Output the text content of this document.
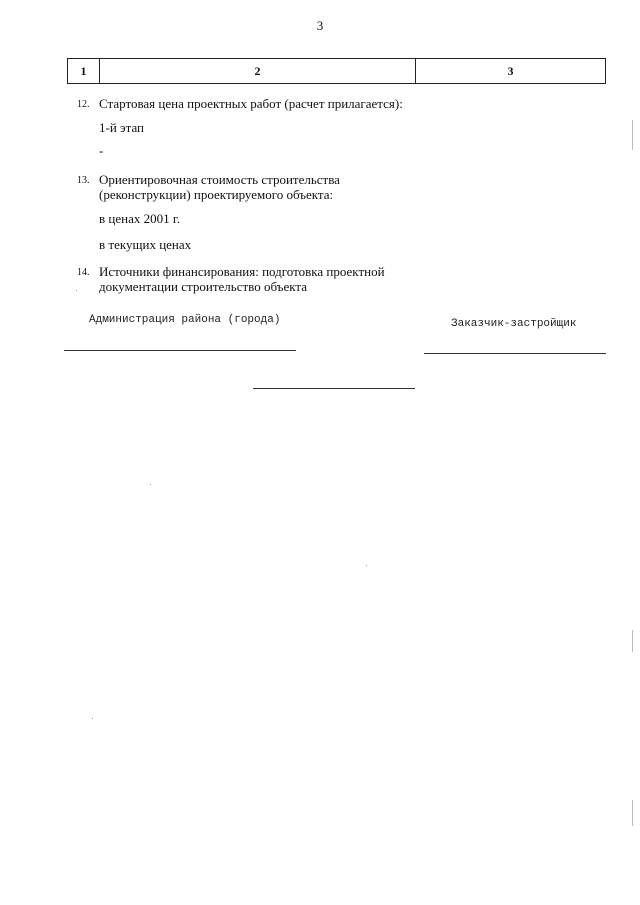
3
1	2	3
12. Стартовая цена проектных работ (расчет прилагается):
1-й этап
-
13. Ориентировочная стоимость строительства (реконструкции) проектируемого объекта:
в ценах 2001 г.
в текущих ценах
14. Источники финансирования: подготовка проектной документации строительство объекта
Администрация района (города)	Заказчик-застройщик
